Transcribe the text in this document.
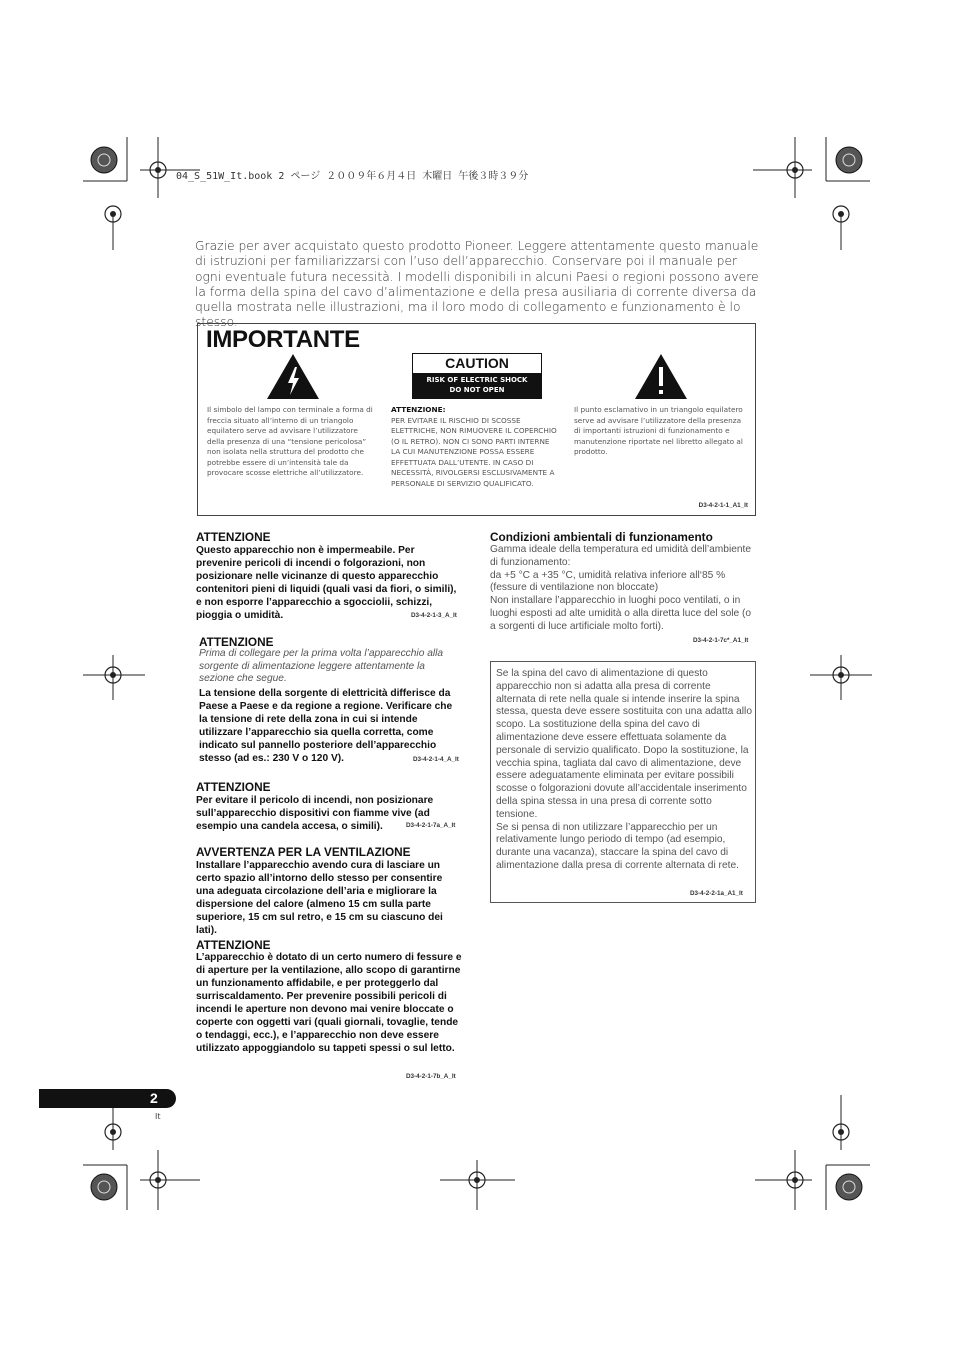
04_S_51W_It.book 2 ページ ２００９年６月４日 木曜日 午後３時３９分
Grazie per aver acquistato questo prodotto Pioneer. Leggere attentamente questo manuale di istruzioni per familiarizzarsi con l’uso dell’apparecchio. Conservare poi il manuale per ogni eventuale futura necessità. I modelli disponibili in alcuni Paesi o regioni possono avere la forma della spina del cavo d’alimentazione e della presa ausiliaria di corrente diversa da quella mostrata nelle illustrazioni, ma il loro modo di collegamento e funzionamento è lo stesso.
IMPORTANTE
CAUTION
RISK OF ELECTRIC SHOCK
DO NOT OPEN
Il simbolo del lampo con terminale a forma di freccia situato all’interno di un triangolo equilatero serve ad avvisare l’utilizzatore della presenza di una “tensione pericolosa” non isolata nella struttura del prodotto che potrebbe essere di un’intensità tale da provocare scosse elettriche all’utilizzatore.
ATTENZIONE:
PER EVITARE IL RISCHIO DI SCOSSE ELETTRICHE, NON RIMUOVERE IL COPERCHIO (O IL RETRO). NON CI SONO PARTI INTERNE LA CUI MANUTENZIONE POSSA ESSERE EFFETTUATA DALL’UTENTE. IN CASO DI NECESSITÀ, RIVOLGERSI ESCLUSIVAMENTE A PERSONALE DI SERVIZIO QUALIFICATO.
Il punto esclamativo in un triangolo equilatero serve ad avvisare l’utilizzatore della presenza di importanti istruzioni di funzionamento e manutenzione riportate nel libretto allegato al prodotto.
D3-4-2-1-1_A1_It
ATTENZIONE
Questo apparecchio non è impermeabile. Per prevenire pericoli di incendi o folgorazioni, non posizionare nelle vicinanze di questo apparecchio contenitori pieni di liquidi (quali vasi da fiori, o simili), e non esporre l’apparecchio a sgocciolii, schizzi, pioggia o umidità.	D3-4-2-1-3_A_It
ATTENZIONE
Prima di collegare per la prima volta l’apparecchio alla sorgente di alimentazione leggere attentamente la sezione che segue.
La tensione della sorgente di elettricità differisce da Paese a Paese e da regione a regione. Verificare che la tensione di rete della zona in cui si intende utilizzare l’apparecchio sia quella corretta, come indicato sul pannello posteriore dell’apparecchio stesso (ad es.: 230 V o 120 V).	D3-4-2-1-4_A_It
ATTENZIONE
Per evitare il pericolo di incendi, non posizionare sull’apparecchio dispositivi con fiamme vive (ad esempio una candela accesa, o simili).	D3-4-2-1-7a_A_It
AVVERTENZA PER LA VENTILAZIONE
Installare l’apparecchio avendo cura di lasciare un certo spazio all’intorno dello stesso per consentire una adeguata circolazione dell’aria e migliorare la dispersione del calore (almeno 15 cm sulla parte superiore, 15 cm sul retro, e 15 cm su ciascuno dei lati).
ATTENZIONE
L’apparecchio è dotato di un certo numero di fessure e di aperture per la ventilazione, allo scopo di garantirne un funzionamento affidabile, e per proteggerlo dal surriscaldamento. Per prevenire possibili pericoli di incendi le aperture non devono mai venire bloccate o coperte con oggetti vari (quali giornali, tovaglie, tende o tendaggi, ecc.), e l’apparecchio non deve essere utilizzato appoggiandolo su tappeti spessi o sul letto.
D3-4-2-1-7b_A_It
Condizioni ambientali di funzionamento
Gamma ideale della temperatura ed umidità dell’ambiente di funzionamento:
da +5 °C a +35 °C, umidità relativa inferiore all‘85 % (fessure di ventilazione non bloccate)
Non installare l’apparecchio in luoghi poco ventilati, o in luoghi esposti ad alte umidità o alla diretta luce del sole (o a sorgenti di luce artificiale molto forti).
D3-4-2-1-7c*_A1_It
Se la spina del cavo di alimentazione di questo apparecchio non si adatta alla presa di corrente alternata di rete nella quale si intende inserire la spina stessa, questa deve essere sostituita con una adatta allo scopo. La sostituzione della spina del cavo di alimentazione deve essere effettuata solamente da personale di servizio qualificato. Dopo la sostituzione, la vecchia spina, tagliata dal cavo di alimentazione, deve essere adeguatamente eliminata per evitare possibili scosse o folgorazioni dovute all’accidentale inserimento della spina stessa in una presa di corrente sotto tensione.
Se si pensa di non utilizzare l’apparecchio per un relativamente lungo periodo di tempo (ad esempio, durante una vacanza), staccare la spina del cavo di alimentazione dalla presa di corrente alternata di rete.
D3-4-2-2-1a_A1_It
2
It
